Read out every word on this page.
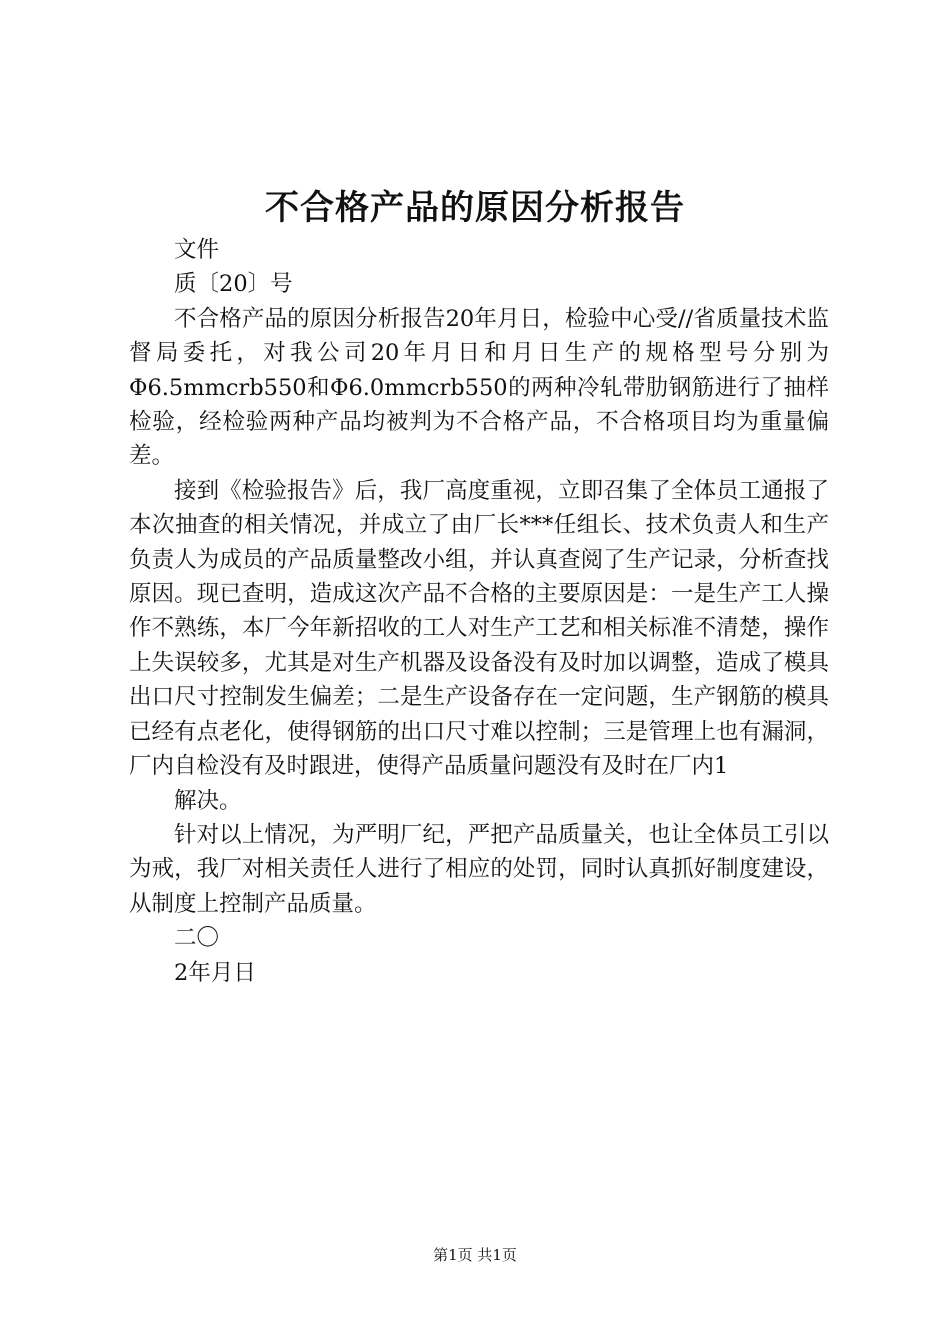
不合格产品的原因分析报告

文件

质〔20〕号

不合格产品的原因分析报告20年月日，检验中心受//省质量技术监督局委托，对我公司20年月日和月日生产的规格型号分别为Φ6.5mmcrb550和Φ6.0mmcrb550的两种冷轧带肋钢筋进行了抽样检验，经检验两种产品均被判为不合格产品，不合格项目均为重量偏差。

接到《检验报告》后，我厂高度重视，立即召集了全体员工通报了本次抽查的相关情况，并成立了由厂长***任组长、技术负责人和生产负责人为成员的产品质量整改小组，并认真查阅了生产记录，分析查找原因。现已查明，造成这次产品不合格的主要原因是：一是生产工人操作不熟练，本厂今年新招收的工人对生产工艺和相关标准不清楚，操作上失误较多，尤其是对生产机器及设备没有及时加以调整，造成了模具出口尺寸控制发生偏差；二是生产设备存在一定问题，生产钢筋的模具已经有点老化，使得钢筋的出口尺寸难以控制；三是管理上也有漏洞，厂内自检没有及时跟进，使得产品质量问题没有及时在厂内1

解决。

针对以上情况，为严明厂纪，严把产品质量关，也让全体员工引以为戒，我厂对相关责任人进行了相应的处罚，同时认真抓好制度建设，从制度上控制产品质量。

二〇

2年月日

第1页 共1页
